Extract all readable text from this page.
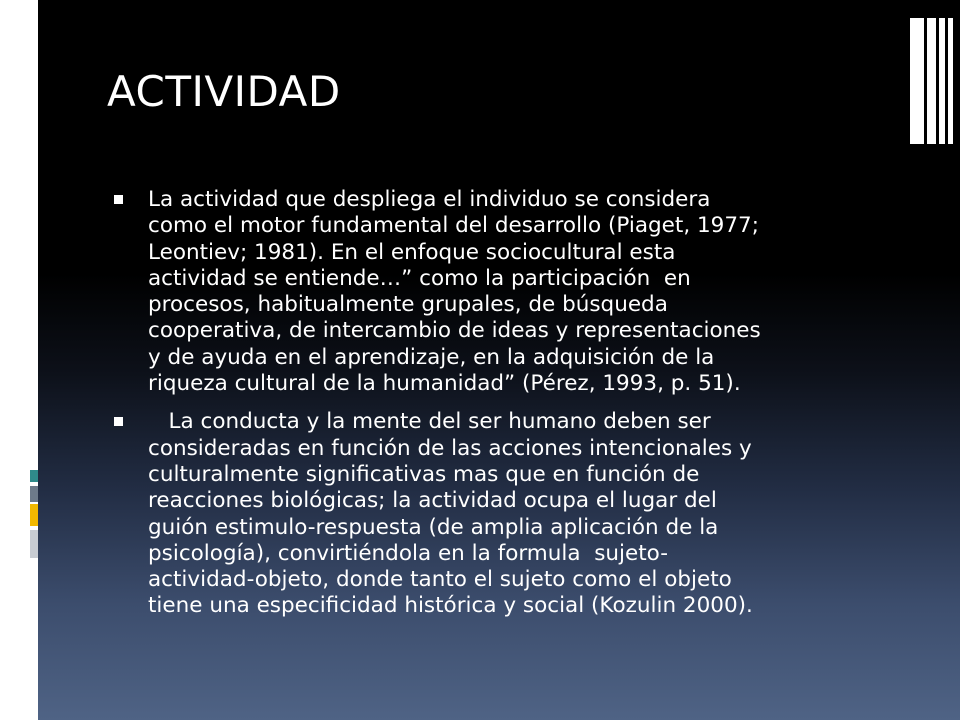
ACTIVIDAD
La actividad que despliega el individuo se considera
como el motor fundamental del desarrollo (Piaget, 1977;
Leontiev; 1981). En el enfoque sociocultural esta
actividad se entiende…” como la participación  en
procesos, habitualmente grupales, de búsqueda
cooperativa, de intercambio de ideas y representaciones
y de ayuda en el aprendizaje, en la adquisición de la
riqueza cultural de la humanidad” (Pérez, 1993, p. 51).
La conducta y la mente del ser humano deben ser
consideradas en función de las acciones intencionales y
culturalmente significativas mas que en función de
reacciones biológicas; la actividad ocupa el lugar del
guión estimulo-respuesta (de amplia aplicación de la
psicología), convirtiéndola en la formula  sujeto-
actividad-objeto, donde tanto el sujeto como el objeto
tiene una especificidad histórica y social (Kozulin 2000).
